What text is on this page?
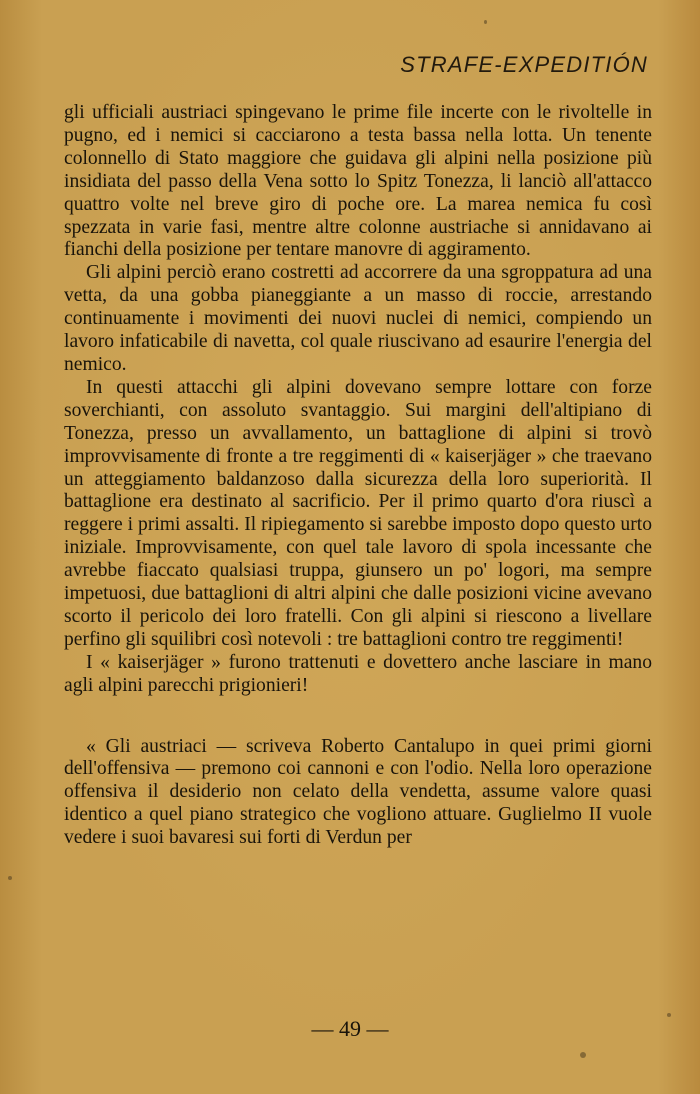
STRAFE-EXPEDITIÓN

gli ufficiali austriaci spingevano le prime file incerte con le rivoltelle in pugno, ed i nemici si cacciarono a testa bassa nella lotta. Un tenente colonnello di Stato maggiore che guidava gli alpini nella posizione più insidiata del passo della Vena sotto lo Spitz Tonezza, li lanciò all'attacco quattro volte nel breve giro di poche ore. La marea nemica fu così spezzata in varie fasi, mentre altre colonne austriache si annidavano ai fianchi della posizione per tentare manovre di aggiramento.

Gli alpini perciò erano costretti ad accorrere da una sgroppatura ad una vetta, da una gobba pianeggiante a un masso di roccie, arrestando continuamente i movimenti dei nuovi nuclei di nemici, compiendo un lavoro infaticabile di navetta, col quale riuscivano ad esaurire l'energia del nemico.

In questi attacchi gli alpini dovevano sempre lottare con forze soverchianti, con assoluto svantaggio. Sui margini dell'altipiano di Tonezza, presso un avvallamento, un battaglione di alpini si trovò improvvisamente di fronte a tre reggimenti di « kaiserjäger » che traevano un atteggiamento baldanzoso dalla sicurezza della loro superiorità. Il battaglione era destinato al sacrificio. Per il primo quarto d'ora riuscì a reggere i primi assalti. Il ripiegamento si sarebbe imposto dopo questo urto iniziale. Improvvisamente, con quel tale lavoro di spola incessante che avrebbe fiaccato qualsiasi truppa, giunsero un po' logori, ma sempre impetuosi, due battaglioni di altri alpini che dalle posizioni vicine avevano scorto il pericolo dei loro fratelli. Con gli alpini si riescono a livellare perfino gli squilibri così notevoli : tre battaglioni contro tre reggimenti!

I « kaiserjäger » furono trattenuti e dovettero anche lasciare in mano agli alpini parecchi prigionieri!

« Gli austriaci — scriveva Roberto Cantalupo in quei primi giorni dell'offensiva — premono coi cannoni e con l'odio. Nella loro operazione offensiva il desiderio non celato della vendetta, assume valore quasi identico a quel piano strategico che vogliono attuare. Guglielmo II vuole vedere i suoi bavaresi sui forti di Verdun per

— 49 —
